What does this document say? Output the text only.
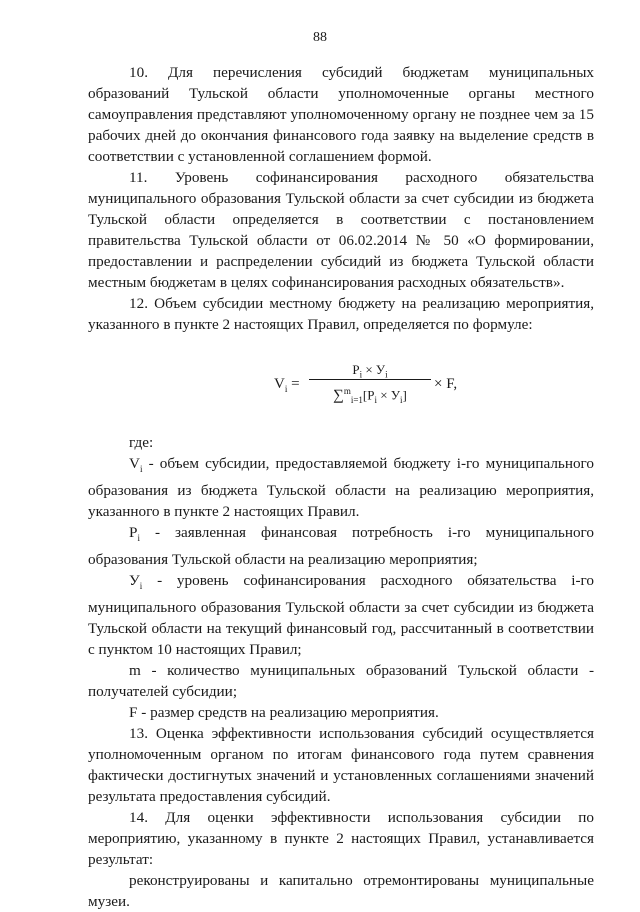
88

10. Для перечисления субсидий бюджетам муниципальных образований Тульской области уполномоченные органы местного самоуправления представляют уполномоченному органу не позднее чем за 15 рабочих дней до окончания финансового года заявку на выделение средств в соответствии с установленной соглашением формой.

11. Уровень софинансирования расходного обязательства муниципального образования Тульской области за счет субсидии из бюджета Тульской области определяется в соответствии с постановлением правительства Тульской области от 06.02.2014 № 50 «О формировании, предоставлении и распределении субсидий из бюджета Тульской области местным бюджетам в целях софинансирования расходных обязательств».

12. Объем субсидии местному бюджету на реализацию мероприятия, указанного в пункте 2 настоящих Правил, определяется по формуле:

$V_i$ =
$P_i \times У_i$
$\sum^m_{i=1}[P_i \times У_i]$
× F,

где:

$V_i$ - объем субсидии, предоставляемой бюджету i-го муниципального образования из бюджета Тульской области на реализацию мероприятия, указанного в пункте 2 настоящих Правил.

$P_i$ - заявленная финансовая потребность i-го муниципального образования Тульской области на реализацию мероприятия;

$У_i$ - уровень софинансирования расходного обязательства i-го муниципального образования Тульской области за счет субсидии из бюджета Тульской области на текущий финансовый год, рассчитанный в соответствии с пунктом 10 настоящих Правил;

m - количество муниципальных образований Тульской области - получателей субсидии;

F - размер средств на реализацию мероприятия.

13. Оценка эффективности использования субсидий осуществляется уполномоченным органом по итогам финансового года путем сравнения фактически достигнутых значений и установленных соглашениями значений результата предоставления субсидий.

14. Для оценки эффективности использования субсидии по мероприятию, указанному в пункте 2 настоящих Правил, устанавливается результат:

реконструированы и капитально отремонтированы муниципальные музеи.
